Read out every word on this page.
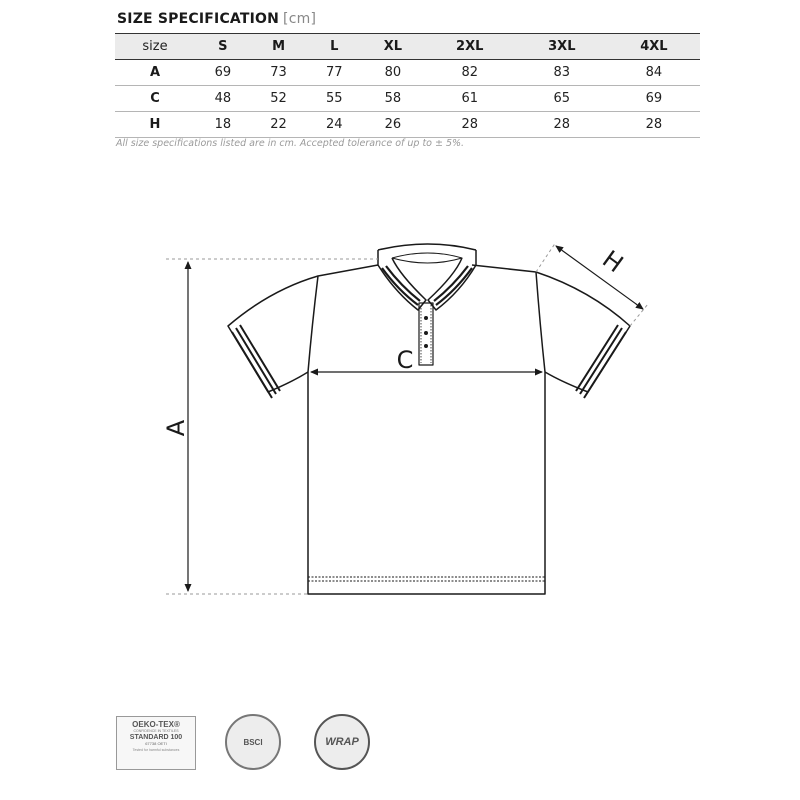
SIZE SPECIFICATION [cm]
size	S	M	L	XL	2XL	3XL	4XL
A	69	73	77	80	82	83	84
C	48	52	55	58	61	65	69
H	18	22	24	26	28	28	28
All size specifications listed are in cm. Accepted tolerance of up to ± 5%.
A
C
H
OEKO-TEX®
CONFIDENCE IN TEXTILES
STANDARD 100
67738 OETI
Tested for harmful substances
BSCI	WRAP
